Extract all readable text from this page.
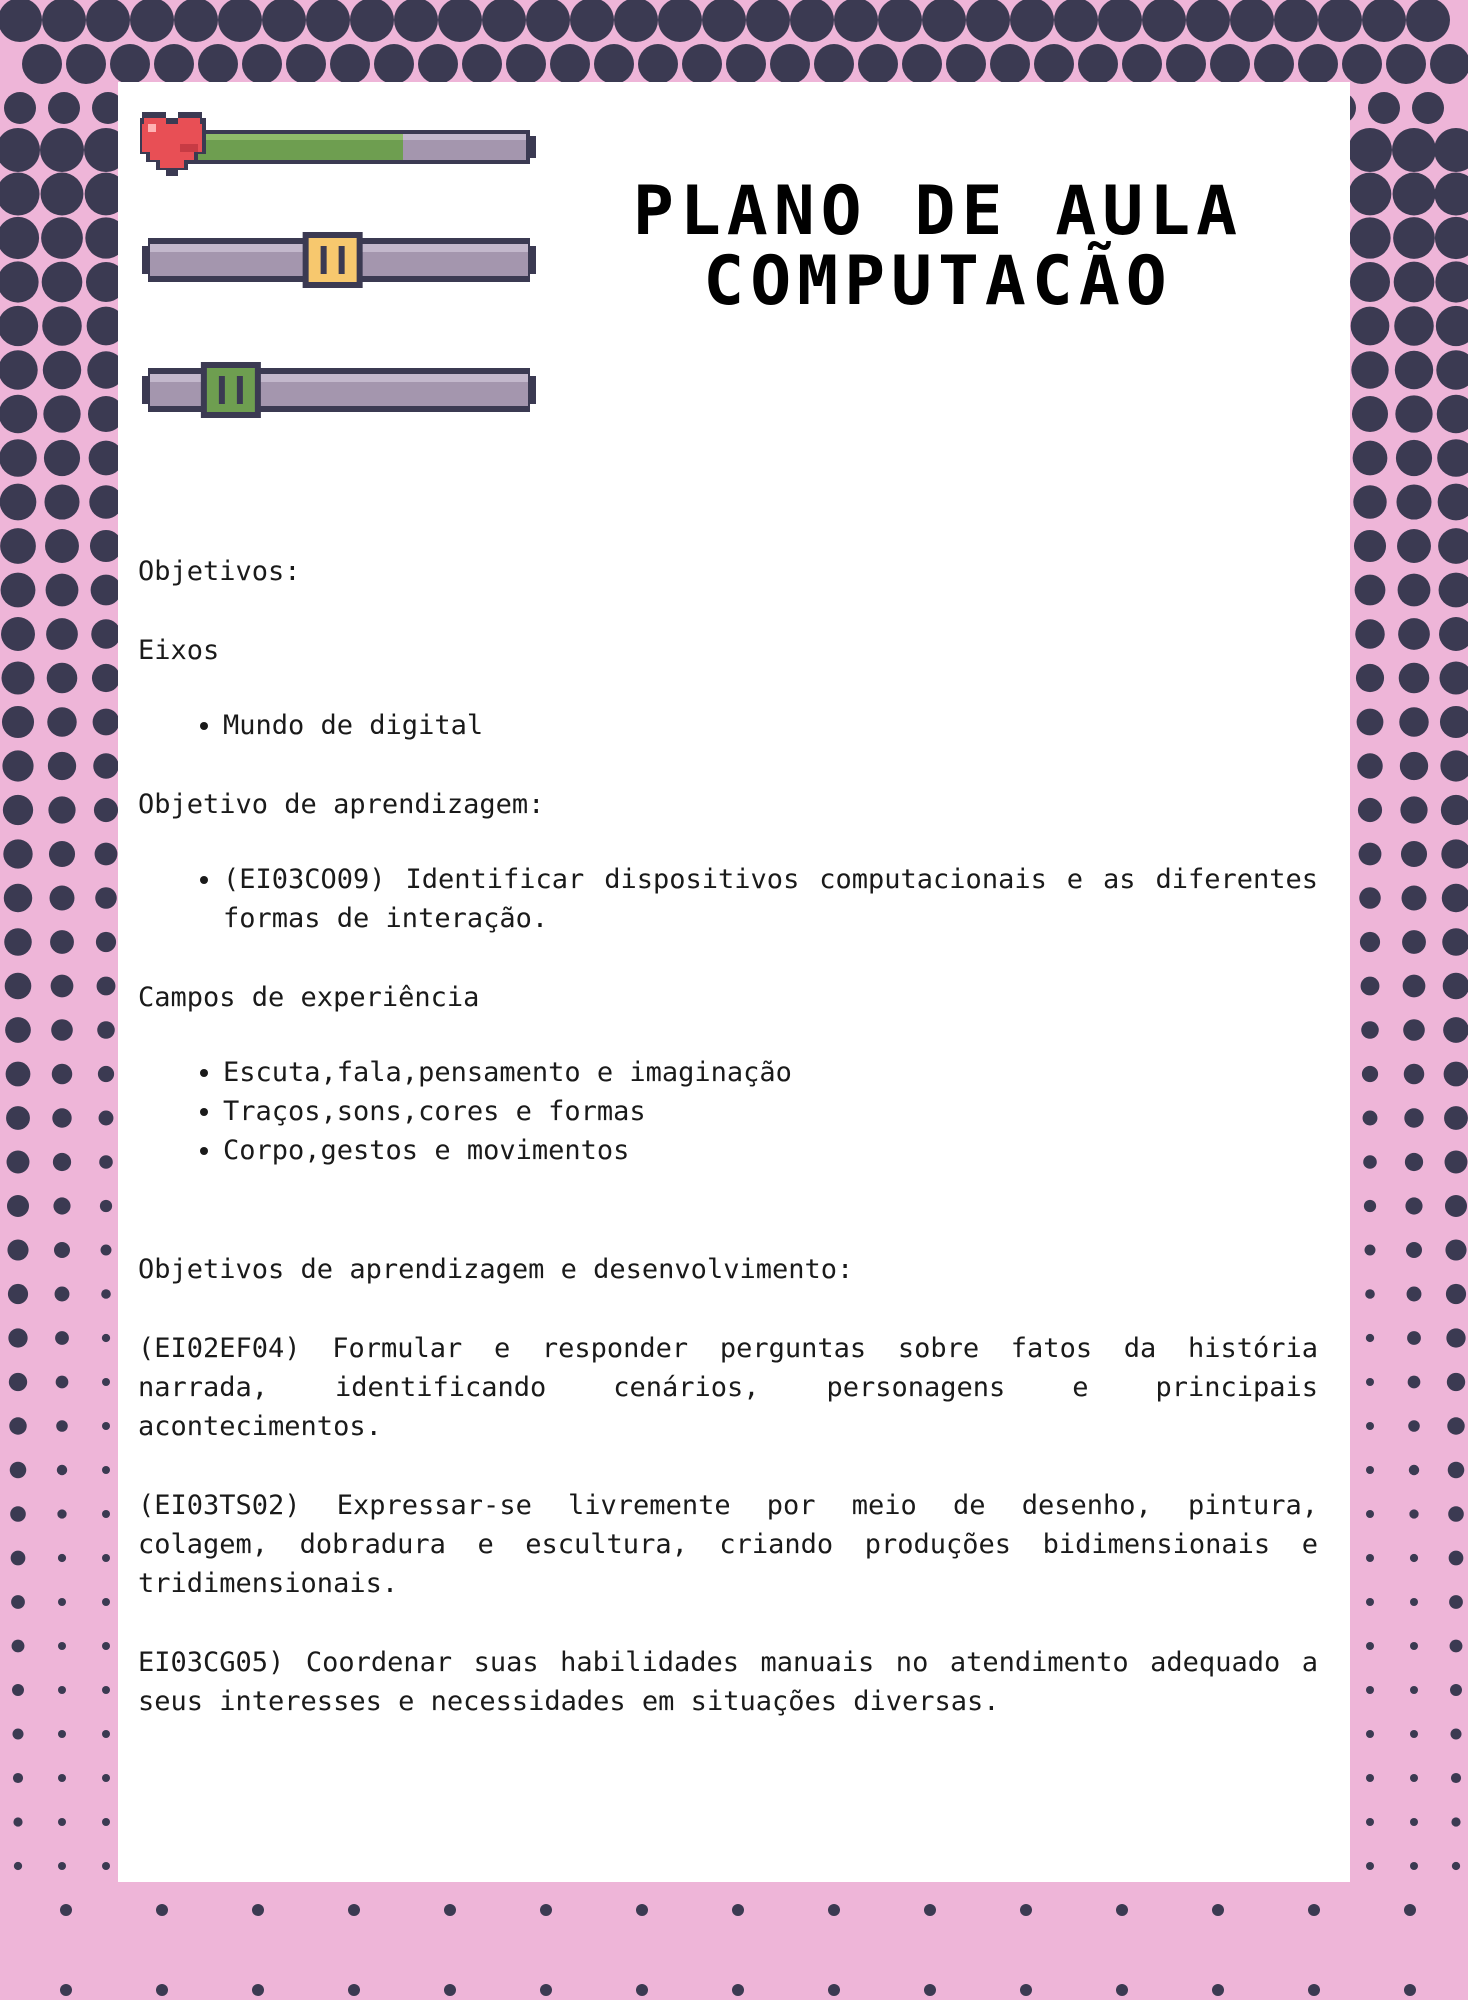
PLANO DE AULA
COMPUTACÃO

Objetivos:

Eixos

• Mundo de digital

Objetivo de aprendizagem:

• (EI03CO09) Identificar dispositivos computacionais e as diferentes formas de interação.

Campos de experiência

• Escuta,fala,pensamento e imaginação
• Traços,sons,cores e formas
• Corpo,gestos e movimentos

Objetivos de aprendizagem e desenvolvimento:

(EI02EF04) Formular e responder perguntas sobre fatos da história narrada, identificando cenários, personagens e principais acontecimentos.

(EI03TS02) Expressar-se livremente por meio de desenho, pintura, colagem, dobradura e escultura, criando produções bidimensionais e tridimensionais.

EI03CG05) Coordenar suas habilidades manuais no atendimento adequado a seus interesses e necessidades em situações diversas.
